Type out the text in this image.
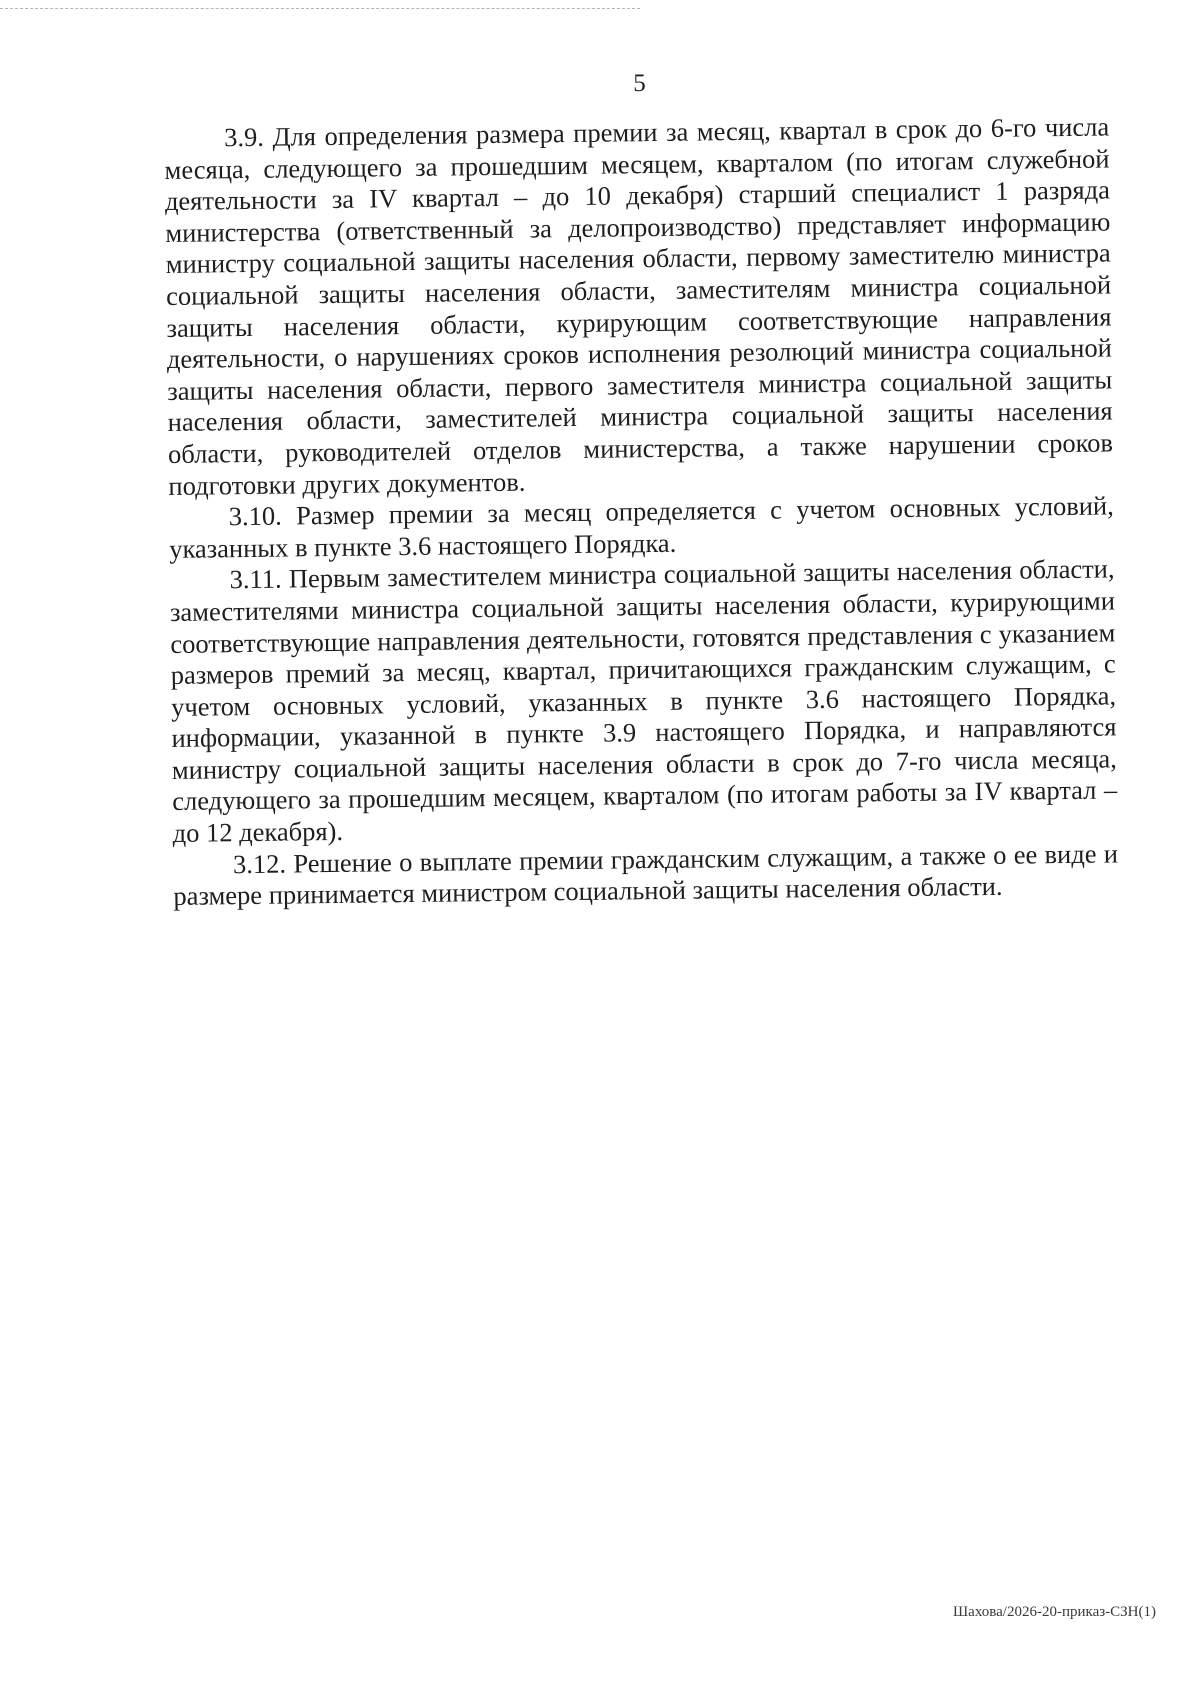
5

3.9. Для определения размера премии за месяц, квартал в срок до 6-го числа месяца, следующего за прошедшим месяцем, кварталом (по итогам служебной деятельности за IV квартал – до 10 декабря) старший специалист 1 разряда министерства (ответственный за делопроизводство) представляет информацию министру социальной защиты населения области, первому заместителю министра социальной защиты населения области, заместителям министра социальной защиты населения области, курирующим соответствующие направления деятельности, о нарушениях сроков исполнения резолюций министра социальной защиты населения области, первого заместителя министра социальной защиты населения области, заместителей министра социальной защиты населения области, руководителей отделов министерства, а также нарушении сроков подготовки других документов.

3.10. Размер премии за месяц определяется с учетом основных условий, указанных в пункте 3.6 настоящего Порядка.

3.11. Первым заместителем министра социальной защиты населения области, заместителями министра социальной защиты населения области, курирующими соответствующие направления деятельности, готовятся представления с указанием размеров премий за месяц, квартал, причитающихся гражданским служащим, с учетом основных условий, указанных в пункте 3.6 настоящего Порядка, информации, указанной в пункте 3.9 настоящего Порядка, и направляются министру социальной защиты населения области в срок до 7-го числа месяца, следующего за прошедшим месяцем, кварталом (по итогам работы за IV квартал – до 12 декабря).

3.12. Решение о выплате премии гражданским служащим, а также о ее виде и размере принимается министром социальной защиты населения области.

Шахова/2026-20-приказ-СЗН(1)
